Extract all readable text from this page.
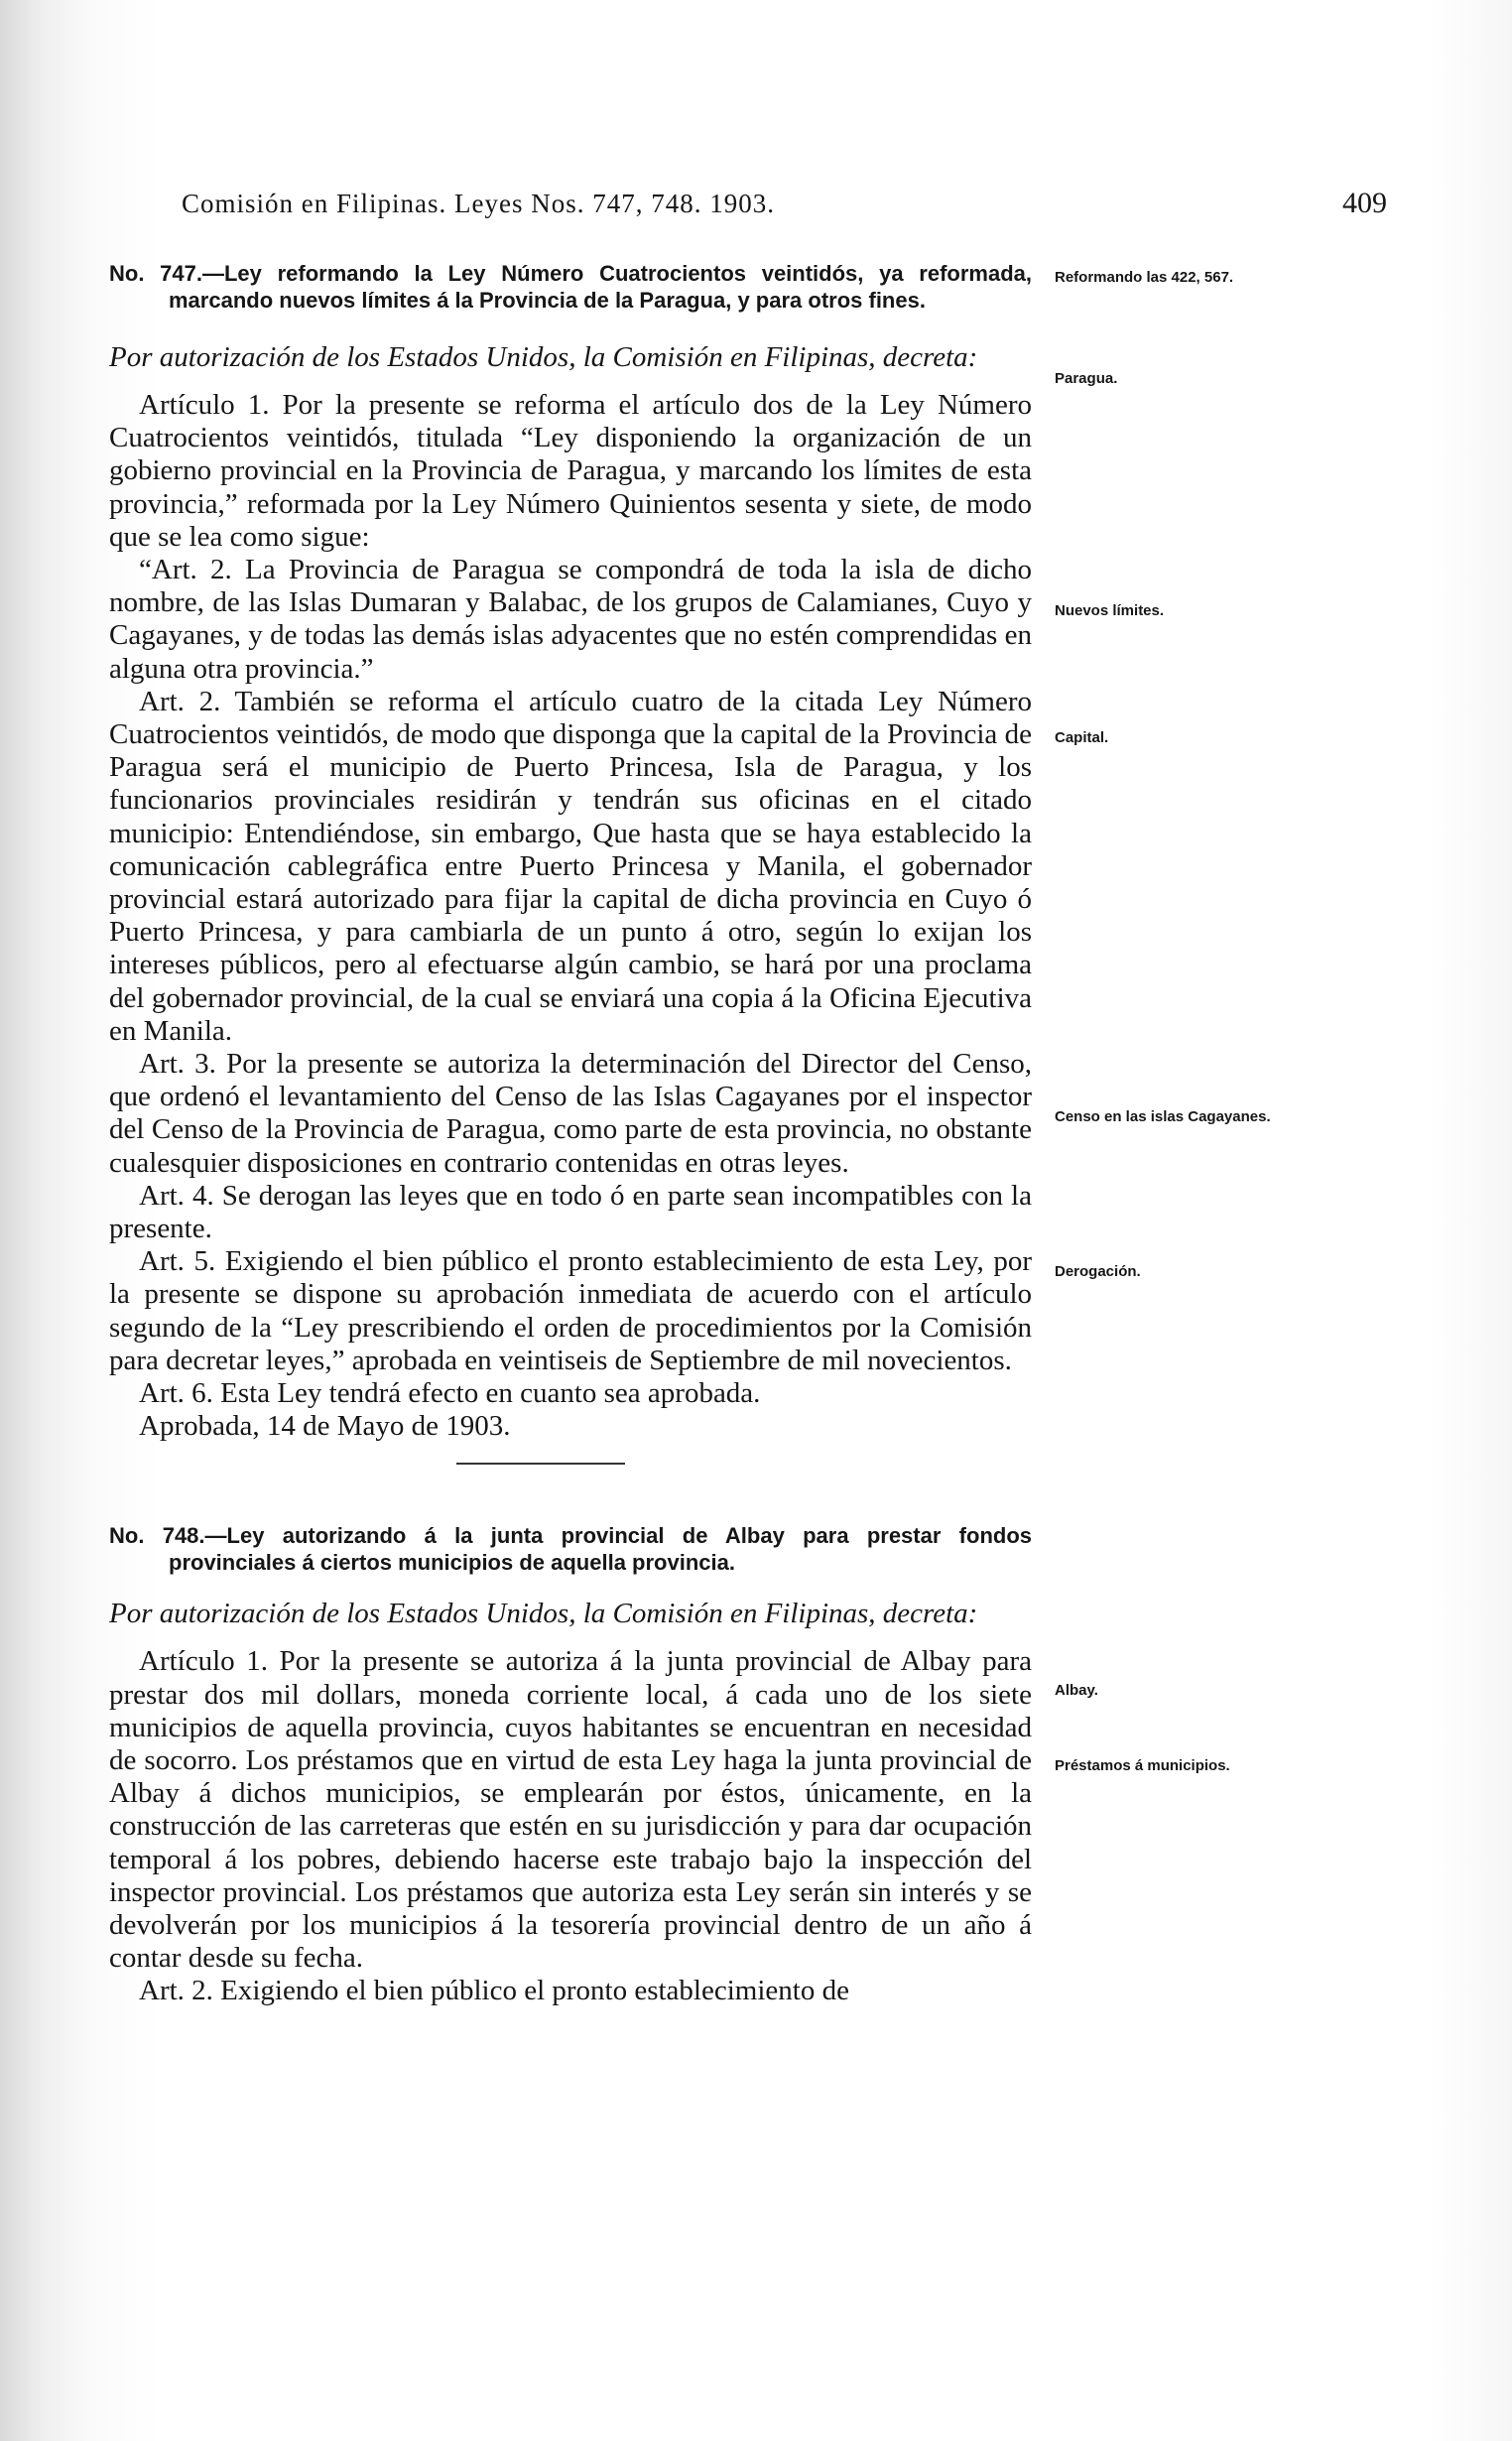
Comisión en Filipinas. Leyes Nos. 747, 748. 1903.	409

No. 747.—Ley reformando la Ley Número Cuatrocientos veintidós, ya reformada, marcando nuevos límites á la Provincia de la Paragua, y para otros fines.

Por autorización de los Estados Unidos, la Comisión en Filipinas, decreta:

Artículo 1. Por la presente se reforma el artículo dos de la Ley Número Cuatrocientos veintidós, titulada “Ley disponiendo la organización de un gobierno provincial en la Provincia de Paragua, y marcando los límites de esta provincia,” reformada por la Ley Número Quinientos sesenta y siete, de modo que se lea como sigue:

“Art. 2. La Provincia de Paragua se compondrá de toda la isla de dicho nombre, de las Islas Dumaran y Balabac, de los grupos de Calamianes, Cuyo y Cagayanes, y de todas las demás islas adyacentes que no estén comprendidas en alguna otra provincia.”

Art. 2. También se reforma el artículo cuatro de la citada Ley Número Cuatrocientos veintidós, de modo que disponga que la capital de la Provincia de Paragua será el municipio de Puerto Princesa, Isla de Paragua, y los funcionarios provinciales residirán y tendrán sus oficinas en el citado municipio: Entendiéndose, sin embargo, Que hasta que se haya establecido la comunicación cablegráfica entre Puerto Princesa y Manila, el gobernador provincial estará autorizado para fijar la capital de dicha provincia en Cuyo ó Puerto Princesa, y para cambiarla de un punto á otro, según lo exijan los intereses públicos, pero al efectuarse algún cambio, se hará por una proclama del gobernador provincial, de la cual se enviará una copia á la Oficina Ejecutiva en Manila.

Art. 3. Por la presente se autoriza la determinación del Director del Censo, que ordenó el levantamiento del Censo de las Islas Cagayanes por el inspector del Censo de la Provincia de Paragua, como parte de esta provincia, no obstante cualesquier disposiciones en contrario contenidas en otras leyes.

Art. 4. Se derogan las leyes que en todo ó en parte sean incompatibles con la presente.

Art. 5. Exigiendo el bien público el pronto establecimiento de esta Ley, por la presente se dispone su aprobación inmediata de acuerdo con el artículo segundo de la “Ley prescribiendo el orden de procedimientos por la Comisión para decretar leyes,” aprobada en veintiseis de Septiembre de mil novecientos.

Art. 6. Esta Ley tendrá efecto en cuanto sea aprobada.

Aprobada, 14 de Mayo de 1903.

No. 748.—Ley autorizando á la junta provincial de Albay para prestar fondos provinciales á ciertos municipios de aquella provincia.

Por autorización de los Estados Unidos, la Comisión en Filipinas, decreta:

Artículo 1. Por la presente se autoriza á la junta provincial de Albay para prestar dos mil dollars, moneda corriente local, á cada uno de los siete municipios de aquella provincia, cuyos habitantes se encuentran en necesidad de socorro. Los préstamos que en virtud de esta Ley haga la junta provincial de Albay á dichos municipios, se emplearán por éstos, únicamente, en la construcción de las carreteras que estén en su jurisdicción y para dar ocupación temporal á los pobres, debiendo hacerse este trabajo bajo la inspección del inspector provincial. Los préstamos que autoriza esta Ley serán sin interés y se devolverán por los municipios á la tesorería provincial dentro de un año á contar desde su fecha.

Art. 2. Exigiendo el bien público el pronto establecimiento de

Reformando las 422, 567.
Paragua.
Nuevos límites.
Capital.
Censo en las islas Cagayanes.
Derogación.
Albay.
Préstamos á municipios.
